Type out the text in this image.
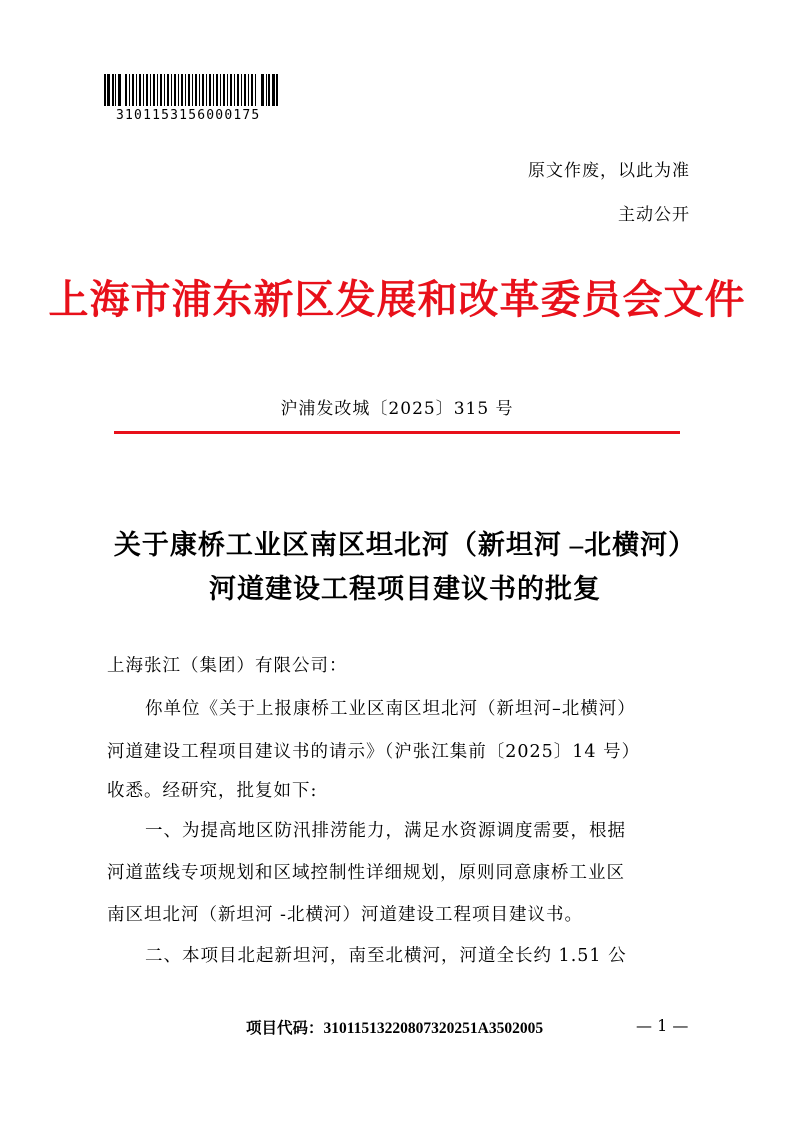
3101153156000175
原文作废，以此为准
主动公开
上海市浦东新区发展和改革委员会文件
沪浦发改城〔2025〕315 号
关于康桥工业区南区坦北河（新坦河 –北横河）
河道建设工程项目建议书的批复
上海张江（集团）有限公司：
你单位《关于上报康桥工业区南区坦北河（新坦河–北横河）
河道建设工程项目建议书的请示》（沪张江集前〔2025〕14 号）
收悉。经研究，批复如下:
一、为提高地区防汛排涝能力，满足水资源调度需要，根据
河道蓝线专项规划和区域控制性详细规划，原则同意康桥工业区
南区坦北河（新坦河 -北横河）河道建设工程项目建议书。
二、本项目北起新坦河，南至北横河，河道全长约 1.51 公
项目代码：31011513220807320251A3502005	— 1 —
